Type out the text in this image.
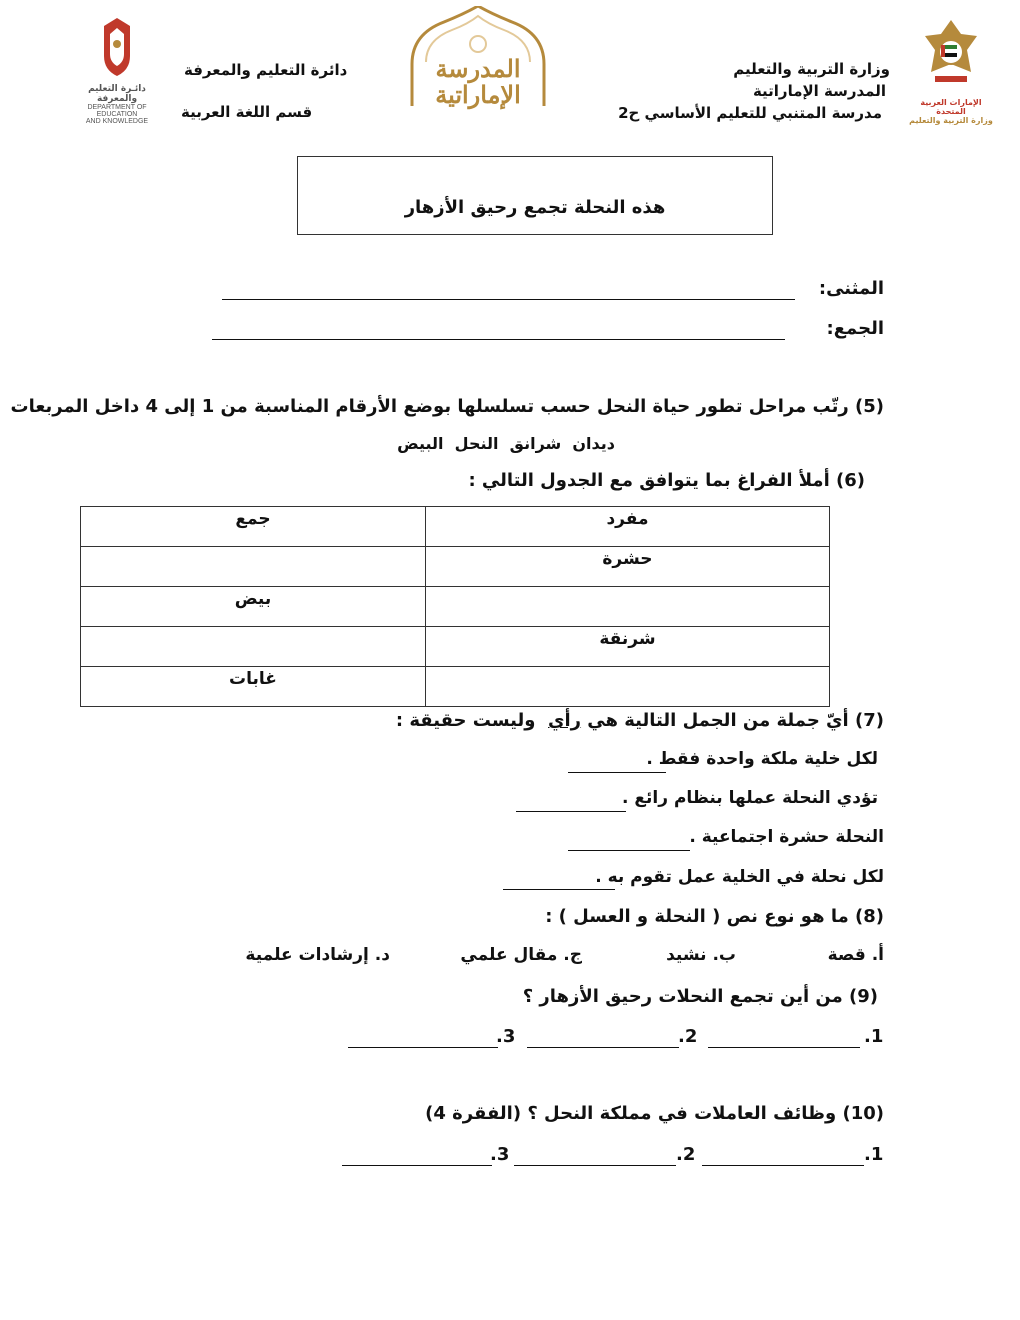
الإمارات العربية المتحدة
وزارة التربية والتعليم
وزارة التربية والتعليم
المدرسة الإماراتية
مدرسة المتنبي للتعليم الأساسي ح2
المدرسة
الإماراتية
دائرة التعليم والمعرفة
قسم اللغة العربية
دائـرة التعليم والمعرفة
DEPARTMENT OF EDUCATION
AND KNOWLEDGE
هذه النحلة تجمع رحيق الأزهار
المثنى:
الجمع:
(5) رتّب مراحل تطور حياة النحل حسب تسلسلها بوضع الأرقام المناسبة من 1 إلى 4 داخل المربعات
ديدان  شرانق  النحل  البيض
(6) أملأ الفراغ بما يتوافق مع الجدول التالي :
مفرد	جمع
حشرة	
	بيض
شرنقة	
	غابات
(7) أيّ جملة من الجمل التالية هي رأي  وليست حقيقة :
لكل خلية ملكة واحدة فقط .
تؤدي النحلة عملها بنظام رائع .
النحلة حشرة اجتماعية .
لكل نحلة في الخلية عمل تقوم به .
(8) ما هو نوع نص ( النحلة و العسل ) :
أ. قصة
ب. نشيد
ج. مقال علمي
د. إرشادات علمية
(9) من أين تجمع النحلات رحيق الأزهار ؟
.1
.2
.3
(10) وظائف العاملات في مملكة النحل ؟ (الفقرة 4)
.1
.2
.3
